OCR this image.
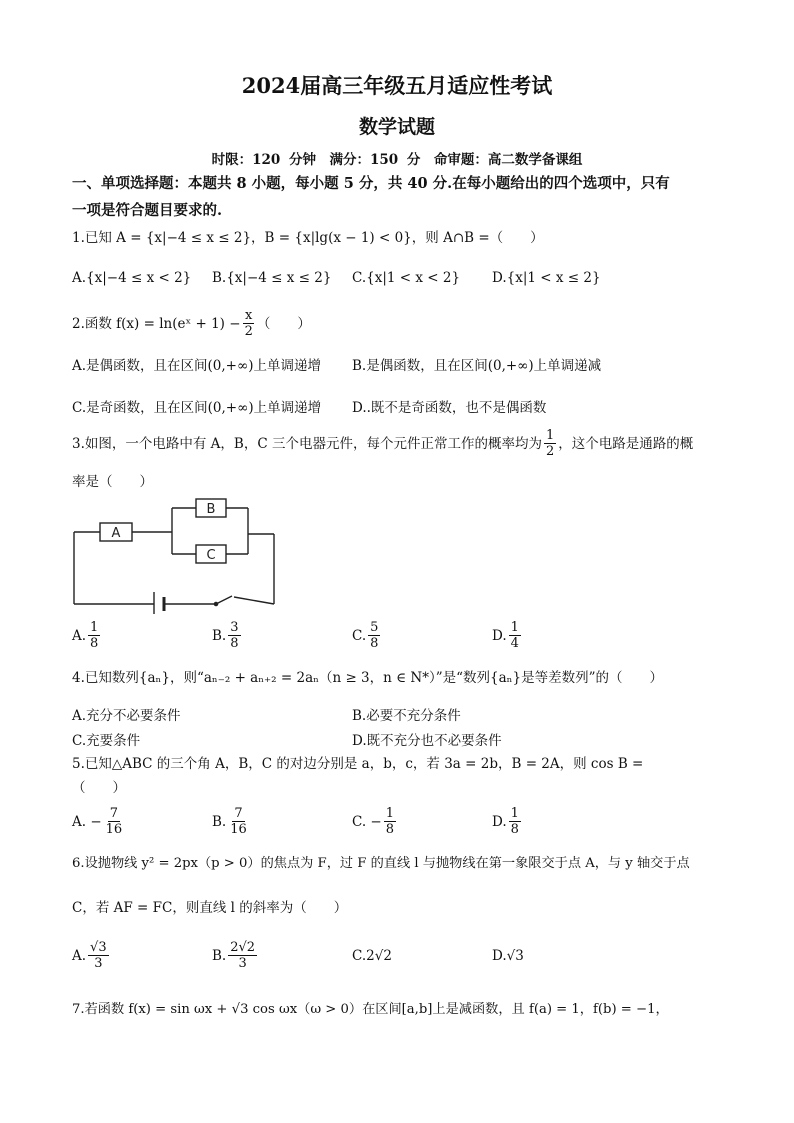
2024届高三年级五月适应性考试
数学试题
时限：120 分钟　满分：150 分　命审题：高二数学备课组
一、单项选择题：本题共 8 小题，每小题 5 分，共 40 分.在每小题给出的四个选项中，只有
一项是符合题目要求的.
1.已知 A = {x|−4 ≤ x ≤ 2}，B = {x|lg(x − 1) < 0}，则 A∩B =（　　）
A.{x|−4 ≤ x < 2} B.{x|−4 ≤ x ≤ 2} C.{x|1 < x < 2} D.{x|1 < x ≤ 2}
2.函数 f(x) = ln(eˣ + $1) - \frac{x}{2}$ （　　）
A.是偶函数，且在区间(0,+∞)上单调递增 B.是偶函数，且在区间(0,+∞)上单调递减
C.是奇函数，且在区间(0,+∞)上单调递增 D..既不是奇函数，也不是偶函数
3.如图，一个电路中有 A，B，C 三个电器元件，每个元件正常工作的概率均为 $\frac{1}{2}$ ，这个电路是通路的概
率是（　　）
A
B
C
A. $\frac{1}{8}$	B. $\frac{3}{8}$	C. $\frac{5}{8}$	D. $\frac{1}{4}$
4.已知数列{aₙ}，则“aₙ₋₂ + aₙ₊₂ = 2aₙ（n ≥ 3，n ∈ N*）”是“数列{aₙ}是等差数列”的（　　）
A.充分不必要条件	B.必要不充分条件
C.充要条件	D.既不充分也不必要条件
5.已知△ABC 的三个角 A，B，C 的对边分别是 a，b，c，若 3a = 2b，B = 2A，则 cos B =
（　　）
A. − $\frac{7}{16}$	B. $\frac{7}{16}$	C. − $\frac{1}{8}$	D. $\frac{1}{8}$
6.设抛物线 y² = 2px（p > 0）的焦点为 F，过 F 的直线 l 与抛物线在第一象限交于点 A，与 y 轴交于点
C，若 AF = FC，则直线 l 的斜率为（　　）
A. $\frac{√3}{3}$	B. $\frac{2√2}{3}$	C. 2√2	D. √3
7.若函数 f(x) = sin ωx + √3 cos ωx（ω > 0）在区间[a,b]上是减函数，且 f(a) = 1，f(b) = −1，
